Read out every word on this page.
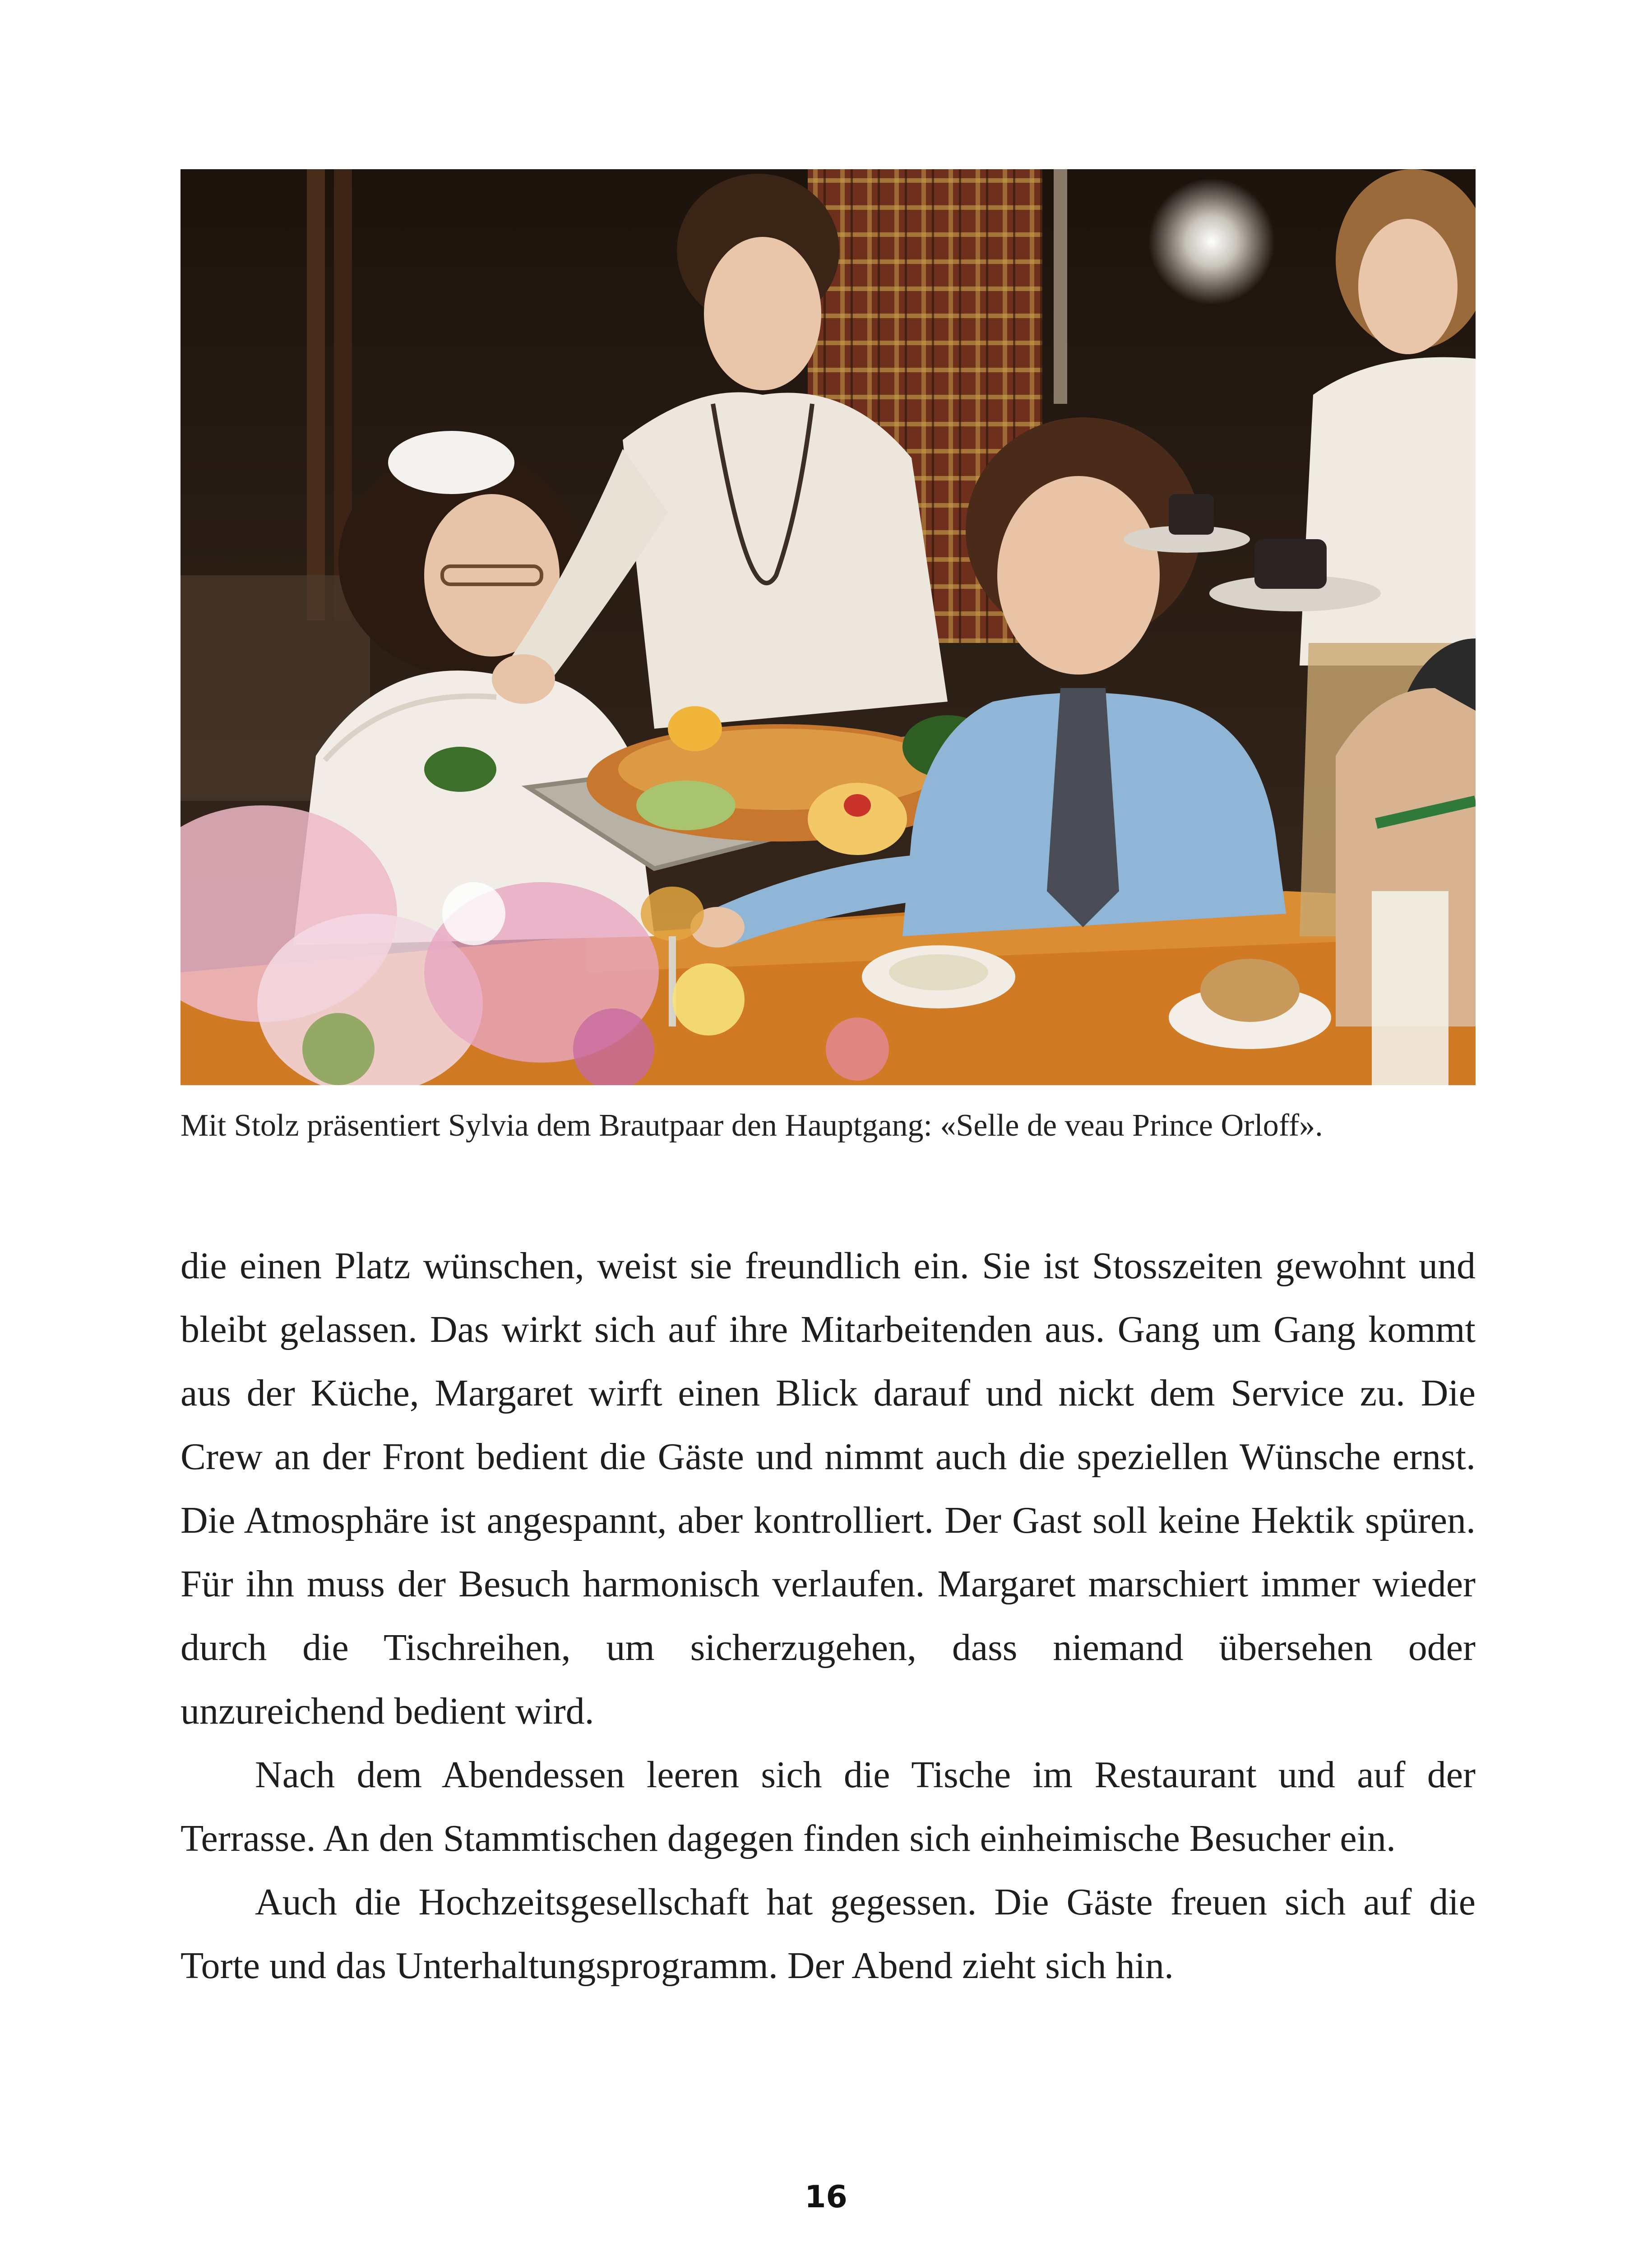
Mit Stolz präsentiert Sylvia dem Brautpaar den Hauptgang: «Selle de veau Prince Orloff».

die einen Platz wünschen, weist sie freundlich ein. Sie ist Stosszeiten gewohnt und bleibt gelassen. Das wirkt sich auf ihre Mitarbeitenden aus. Gang um Gang kommt aus der Küche, Margaret wirft einen Blick darauf und nickt dem Service zu. Die Crew an der Front bedient die Gäste und nimmt auch die speziellen Wünsche ernst. Die Atmosphäre ist angespannt, aber kontrolliert. Der Gast soll keine Hektik spüren. Für ihn muss der Besuch harmonisch verlaufen. Margaret marschiert immer wieder durch die Tischreihen, um sicherzugehen, dass niemand übersehen oder unzureichend bedient wird.

Nach dem Abendessen leeren sich die Tische im Restaurant und auf der Terrasse. An den Stammtischen dagegen finden sich einheimische Besucher ein.

Auch die Hochzeitsgesellschaft hat gegessen. Die Gäste freuen sich auf die Torte und das Unterhaltungsprogramm. Der Abend zieht sich hin.

16
